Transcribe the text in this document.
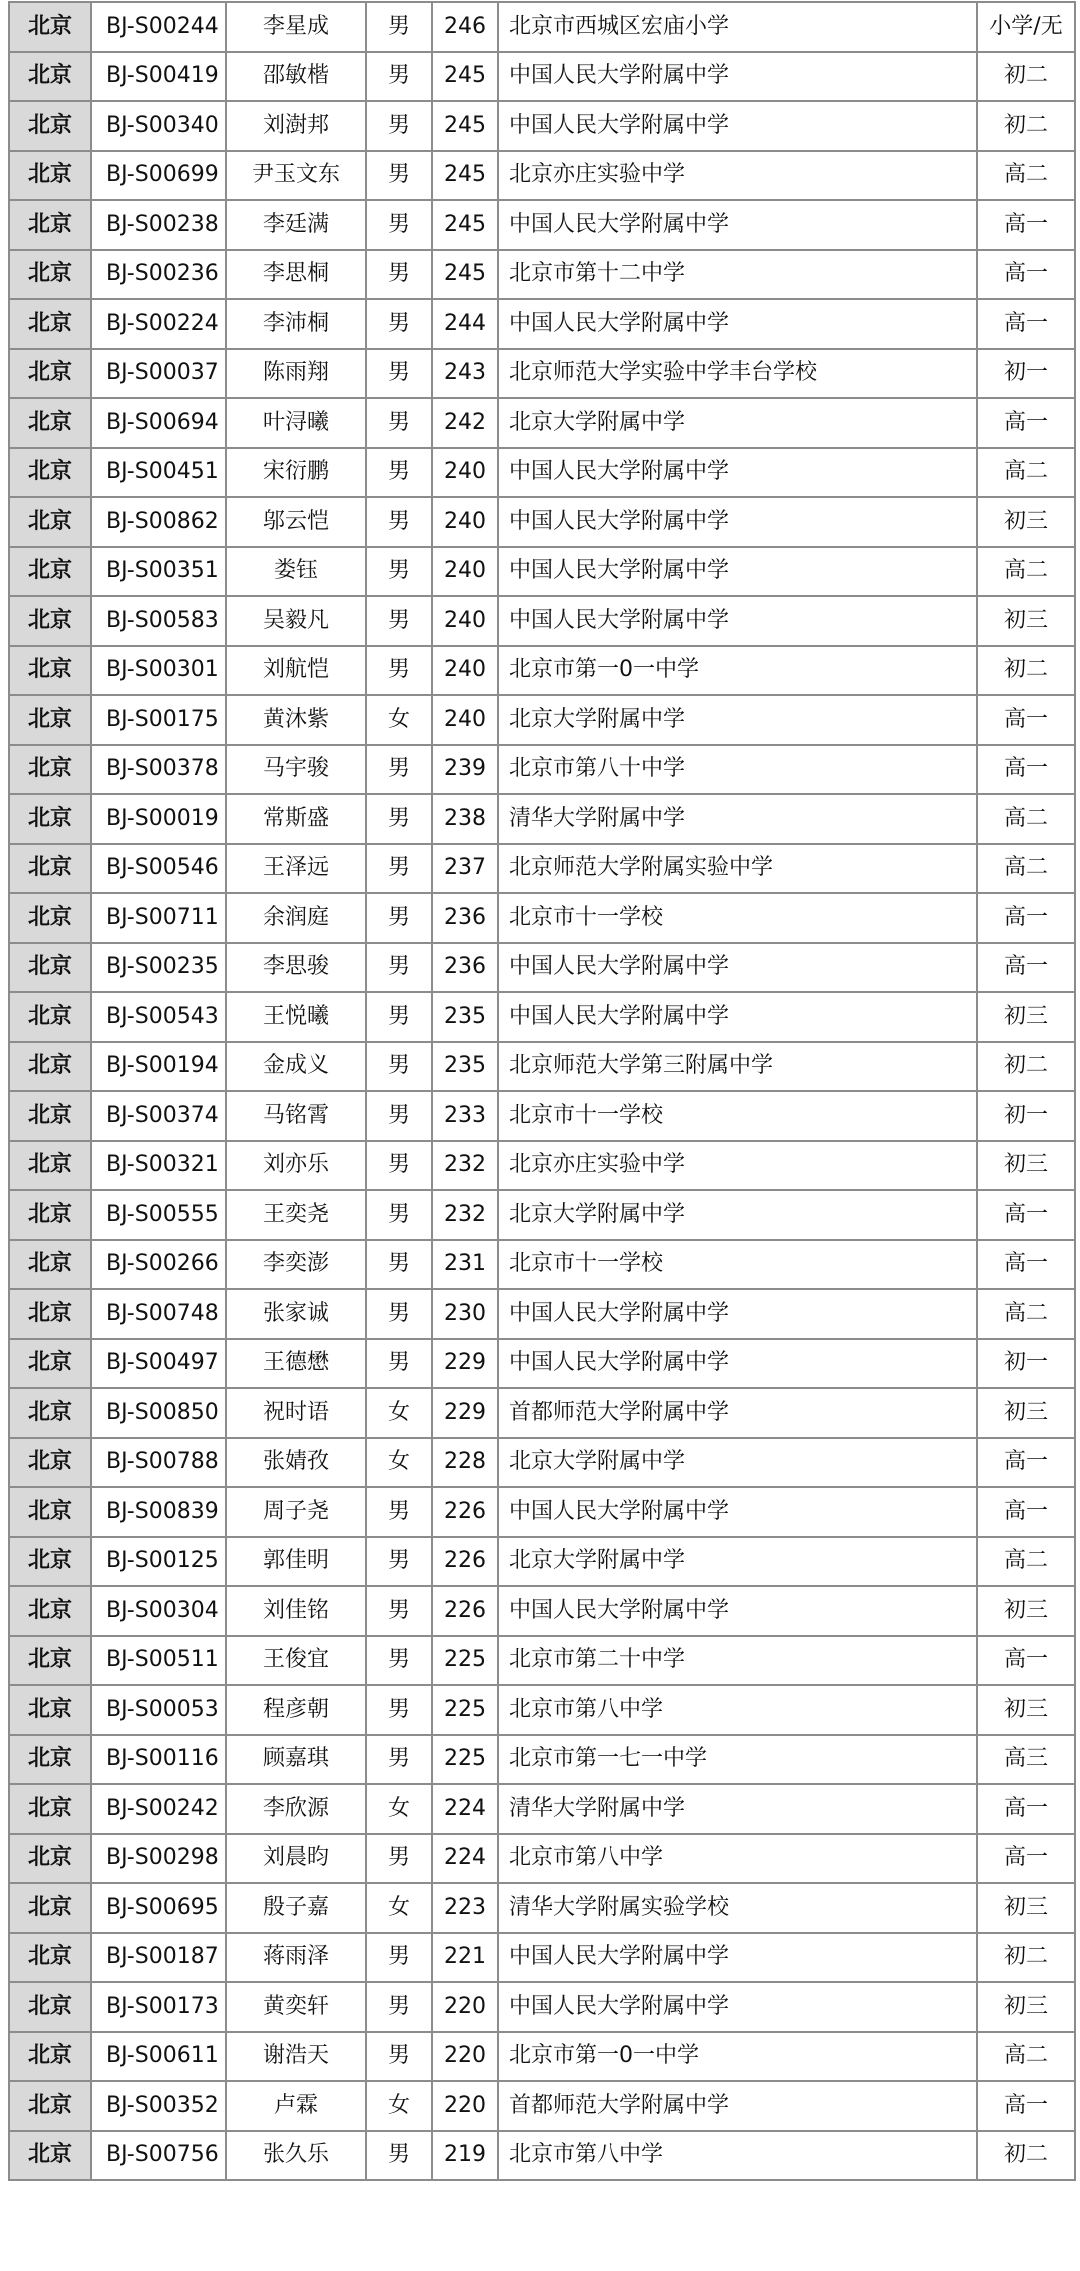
北京	BJ-S00244	李星成	男	246	北京市西城区宏庙小学	小学/无
北京	BJ-S00419	邵敏楷	男	245	中国人民大学附属中学	初二
北京	BJ-S00340	刘澍邦	男	245	中国人民大学附属中学	初二
北京	BJ-S00699	尹玉文东	男	245	北京亦庄实验中学	高二
北京	BJ-S00238	李廷满	男	245	中国人民大学附属中学	高一
北京	BJ-S00236	李思桐	男	245	北京市第十二中学	高一
北京	BJ-S00224	李沛桐	男	244	中国人民大学附属中学	高一
北京	BJ-S00037	陈雨翔	男	243	北京师范大学实验中学丰台学校	初一
北京	BJ-S00694	叶浔曦	男	242	北京大学附属中学	高一
北京	BJ-S00451	宋衍鹏	男	240	中国人民大学附属中学	高二
北京	BJ-S00862	邬云恺	男	240	中国人民大学附属中学	初三
北京	BJ-S00351	娄钰	男	240	中国人民大学附属中学	高二
北京	BJ-S00583	吴毅凡	男	240	中国人民大学附属中学	初三
北京	BJ-S00301	刘航恺	男	240	北京市第一0一中学	初二
北京	BJ-S00175	黄沐紫	女	240	北京大学附属中学	高一
北京	BJ-S00378	马宇骏	男	239	北京市第八十中学	高一
北京	BJ-S00019	常斯盛	男	238	清华大学附属中学	高二
北京	BJ-S00546	王泽远	男	237	北京师范大学附属实验中学	高二
北京	BJ-S00711	余润庭	男	236	北京市十一学校	高一
北京	BJ-S00235	李思骏	男	236	中国人民大学附属中学	高一
北京	BJ-S00543	王悦曦	男	235	中国人民大学附属中学	初三
北京	BJ-S00194	金成义	男	235	北京师范大学第三附属中学	初二
北京	BJ-S00374	马铭霄	男	233	北京市十一学校	初一
北京	BJ-S00321	刘亦乐	男	232	北京亦庄实验中学	初三
北京	BJ-S00555	王奕尧	男	232	北京大学附属中学	高一
北京	BJ-S00266	李奕澎	男	231	北京市十一学校	高一
北京	BJ-S00748	张家诚	男	230	中国人民大学附属中学	高二
北京	BJ-S00497	王德懋	男	229	中国人民大学附属中学	初一
北京	BJ-S00850	祝时语	女	229	首都师范大学附属中学	初三
北京	BJ-S00788	张婧孜	女	228	北京大学附属中学	高一
北京	BJ-S00839	周子尧	男	226	中国人民大学附属中学	高一
北京	BJ-S00125	郭佳明	男	226	北京大学附属中学	高二
北京	BJ-S00304	刘佳铭	男	226	中国人民大学附属中学	初三
北京	BJ-S00511	王俊宜	男	225	北京市第二十中学	高一
北京	BJ-S00053	程彦朝	男	225	北京市第八中学	初三
北京	BJ-S00116	顾嘉琪	男	225	北京市第一七一中学	高三
北京	BJ-S00242	李欣源	女	224	清华大学附属中学	高一
北京	BJ-S00298	刘晨昀	男	224	北京市第八中学	高一
北京	BJ-S00695	殷子嘉	女	223	清华大学附属实验学校	初三
北京	BJ-S00187	蒋雨泽	男	221	中国人民大学附属中学	初二
北京	BJ-S00173	黄奕轩	男	220	中国人民大学附属中学	初三
北京	BJ-S00611	谢浩天	男	220	北京市第一0一中学	高二
北京	BJ-S00352	卢霖	女	220	首都师范大学附属中学	高一
北京	BJ-S00756	张久乐	男	219	北京市第八中学	初二
